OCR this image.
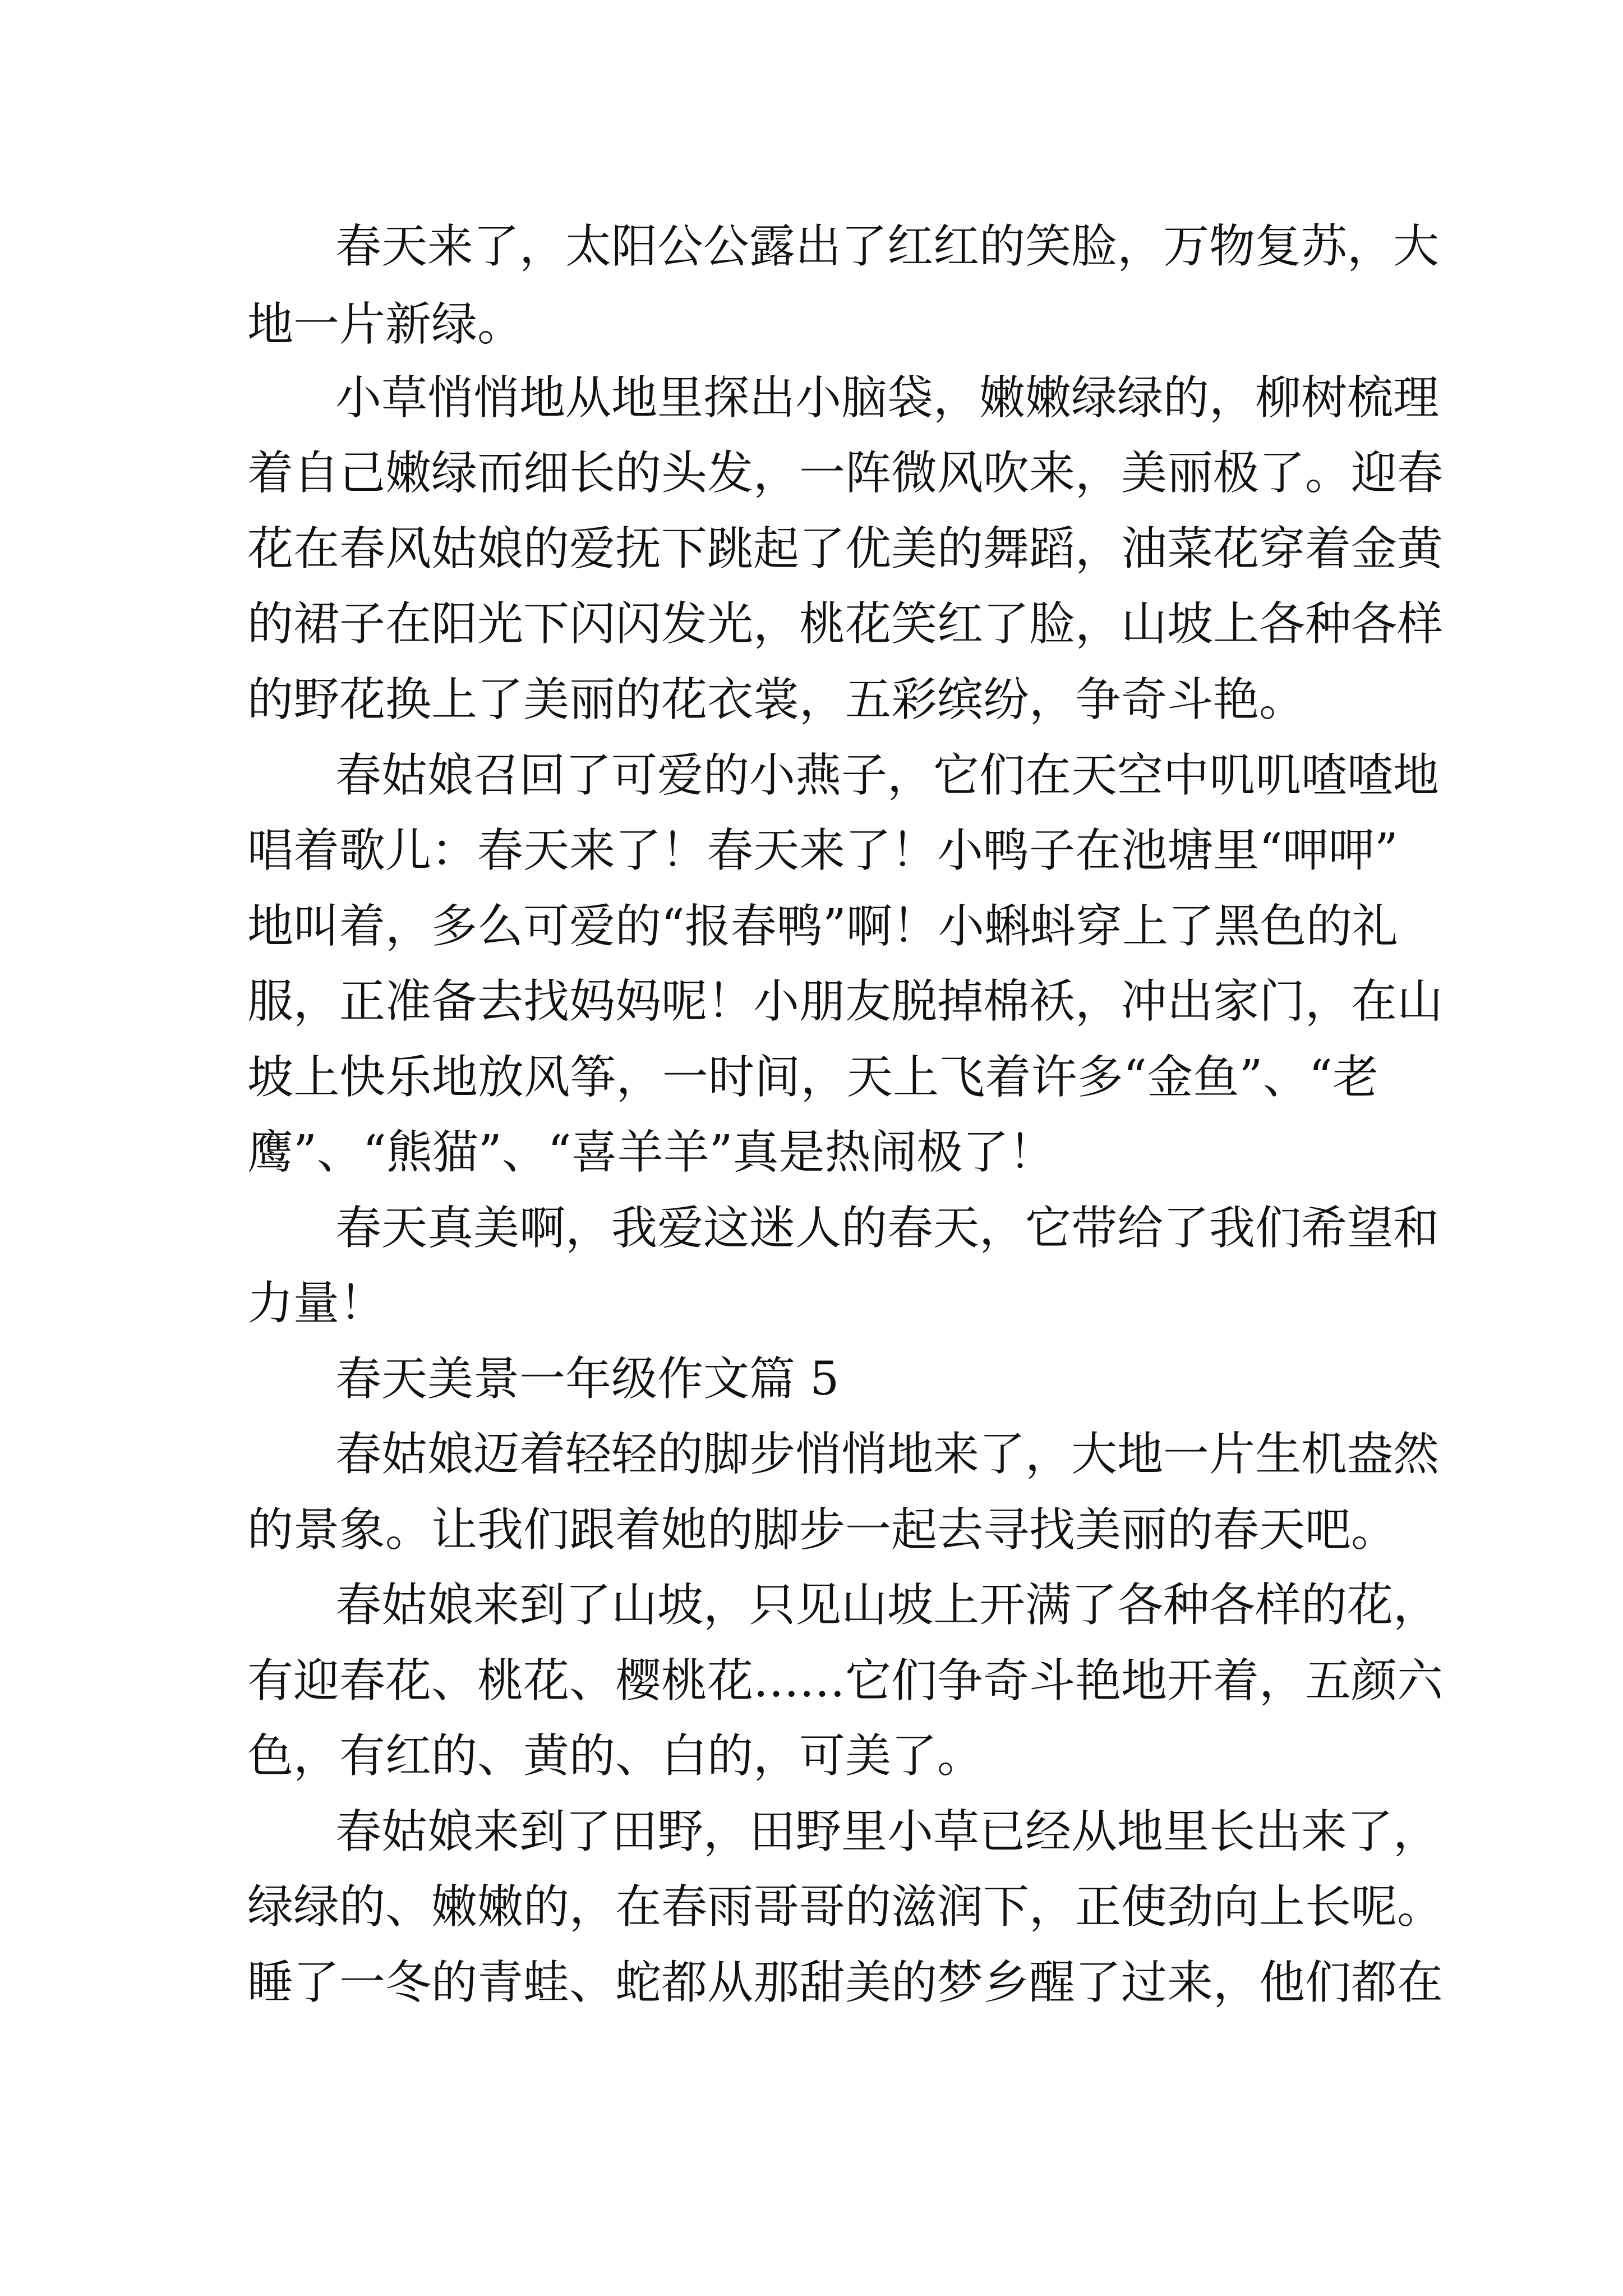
春天来了，太阳公公露出了红红的笑脸，万物复苏，大

地一片新绿。

小草悄悄地从地里探出小脑袋，嫩嫩绿绿的，柳树梳理

着自己嫩绿而细长的头发，一阵微风吹来，美丽极了。迎春

花在春风姑娘的爱抚下跳起了优美的舞蹈，油菜花穿着金黄

的裙子在阳光下闪闪发光，桃花笑红了脸，山坡上各种各样

的野花换上了美丽的花衣裳，五彩缤纷，争奇斗艳。

春姑娘召回了可爱的小燕子，它们在天空中叽叽喳喳地

唱着歌儿：春天来了！春天来了！小鸭子在池塘里“呷呷”

地叫着，多么可爱的“报春鸭”啊！小蝌蚪穿上了黑色的礼

服，正准备去找妈妈呢！小朋友脱掉棉袄，冲出家门，在山

坡上快乐地放风筝，一时间，天上飞着许多“金鱼”、“老

鹰”、“熊猫”、“喜羊羊”真是热闹极了！

春天真美啊，我爱这迷人的春天，它带给了我们希望和

力量！

春天美景一年级作文篇 5

春姑娘迈着轻轻的脚步悄悄地来了，大地一片生机盎然

的景象。让我们跟着她的脚步一起去寻找美丽的春天吧。

春姑娘来到了山坡，只见山坡上开满了各种各样的花，

有迎春花、桃花、樱桃花……它们争奇斗艳地开着，五颜六

色，有红的、黄的、白的，可美了。

春姑娘来到了田野，田野里小草已经从地里长出来了，

绿绿的、嫩嫩的，在春雨哥哥的滋润下，正使劲向上长呢。

睡了一冬的青蛙、蛇都从那甜美的梦乡醒了过来，他们都在
